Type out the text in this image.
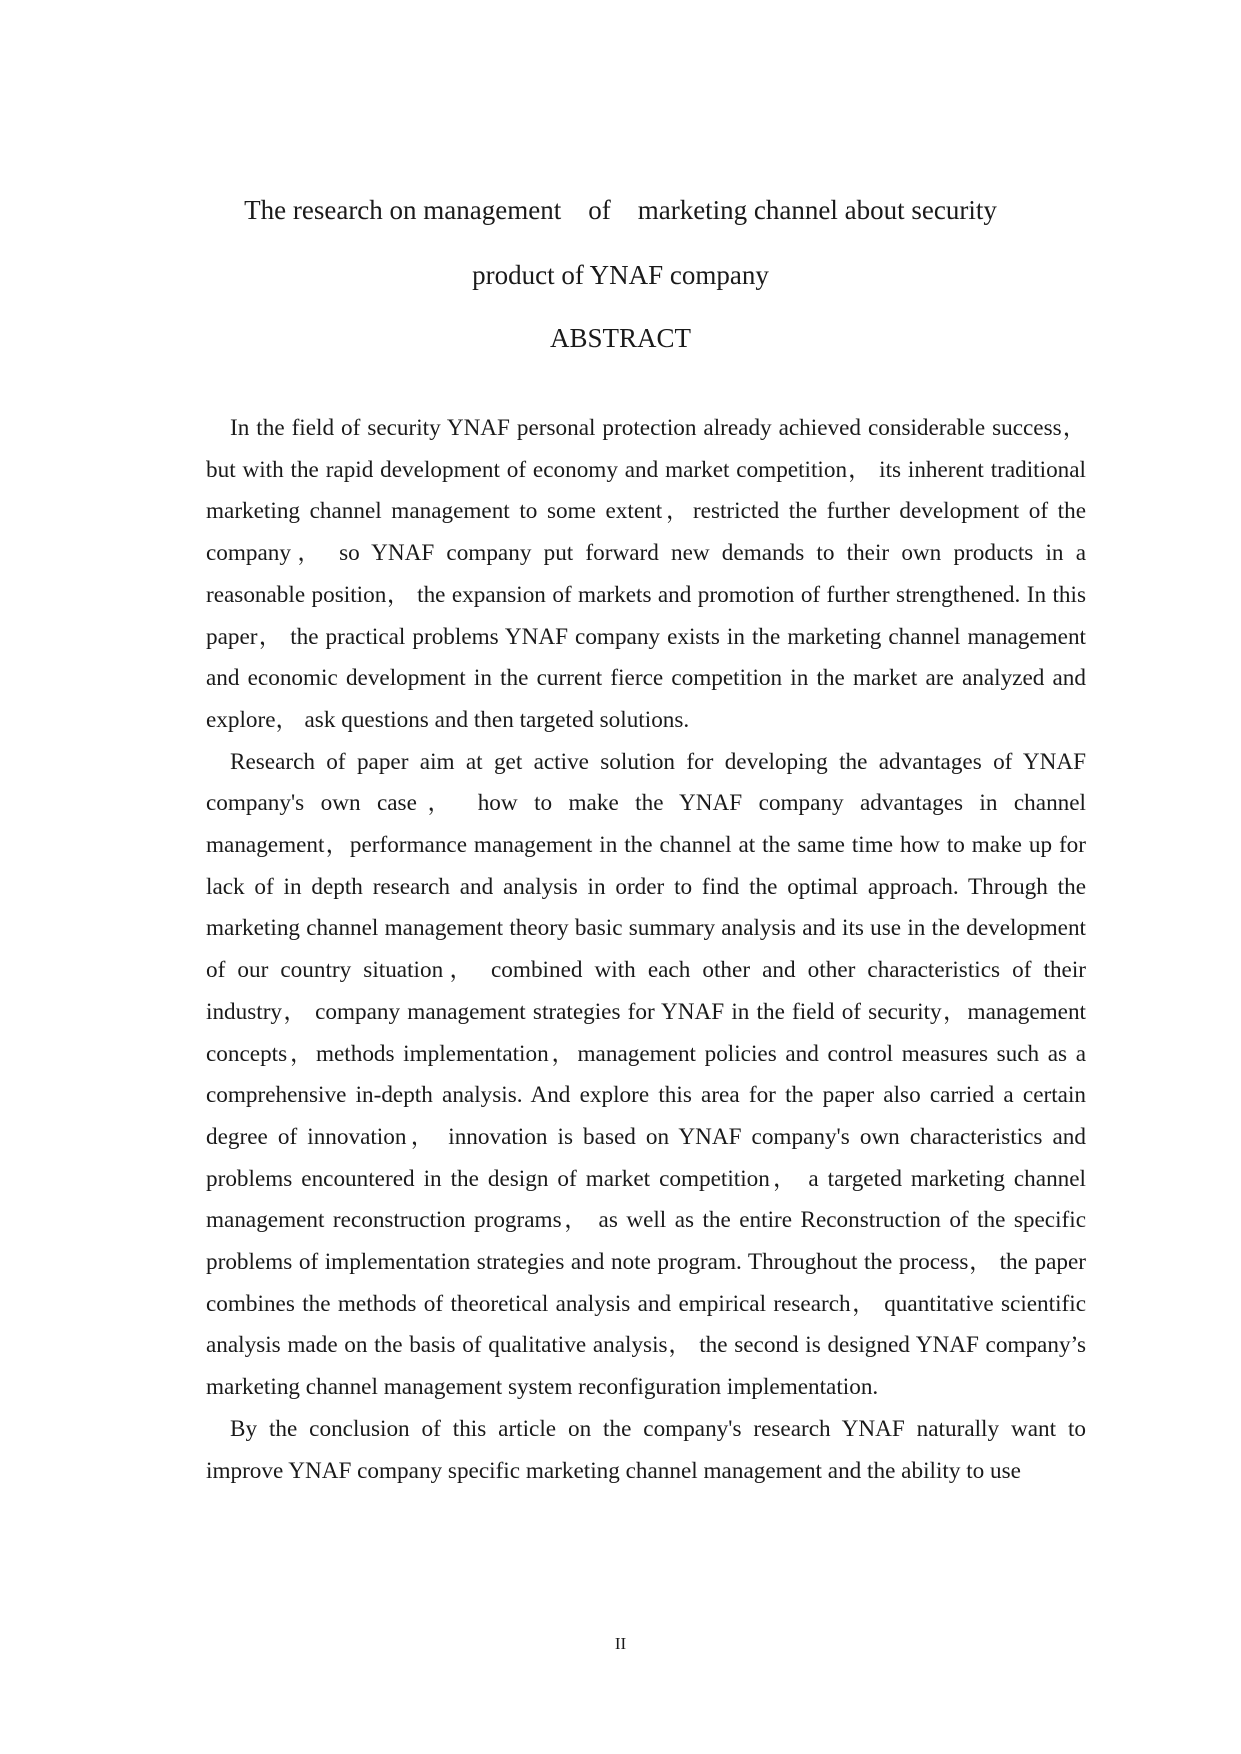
The research on management    of    marketing channel about security
product of YNAF company
ABSTRACT

In the field of security YNAF personal protection already achieved considerable success， but with the rapid development of economy and market competition， its inherent traditional marketing channel management to some extent，restricted the further development of the company， so YNAF company put forward new demands to their own products in a reasonable position， the expansion of markets and promotion of further strengthened. In this paper， the practical problems YNAF company exists in the marketing channel management and economic development in the current fierce competition in the market are analyzed and explore， ask questions and then targeted solutions.

Research of paper aim at get active solution for developing the advantages of YNAF company's own case， how to make the YNAF company advantages in channel management，performance management in the channel at the same time how to make up for lack of in depth research and analysis in order to find the optimal approach. Through the marketing channel management theory basic summary analysis and its use in the development of our country situation， combined with each other and other characteristics of their industry， company management strategies for YNAF in the field of security，management concepts，methods implementation，management policies and control measures such as a comprehensive in-depth analysis. And explore this area for the paper also carried a certain degree of innovation， innovation is based on YNAF company's own characteristics and problems encountered in the design of market competition， a targeted marketing channel management reconstruction programs， as well as the entire Reconstruction of the specific problems of implementation strategies and note program. Throughout the process， the paper combines the methods of theoretical analysis and empirical research， quantitative scientific analysis made on the basis of qualitative analysis， the second is designed YNAF company’s marketing channel management system reconfiguration implementation.

By the conclusion of this article on the company's research YNAF naturally want to improve YNAF company specific marketing channel management and the ability to use

II
